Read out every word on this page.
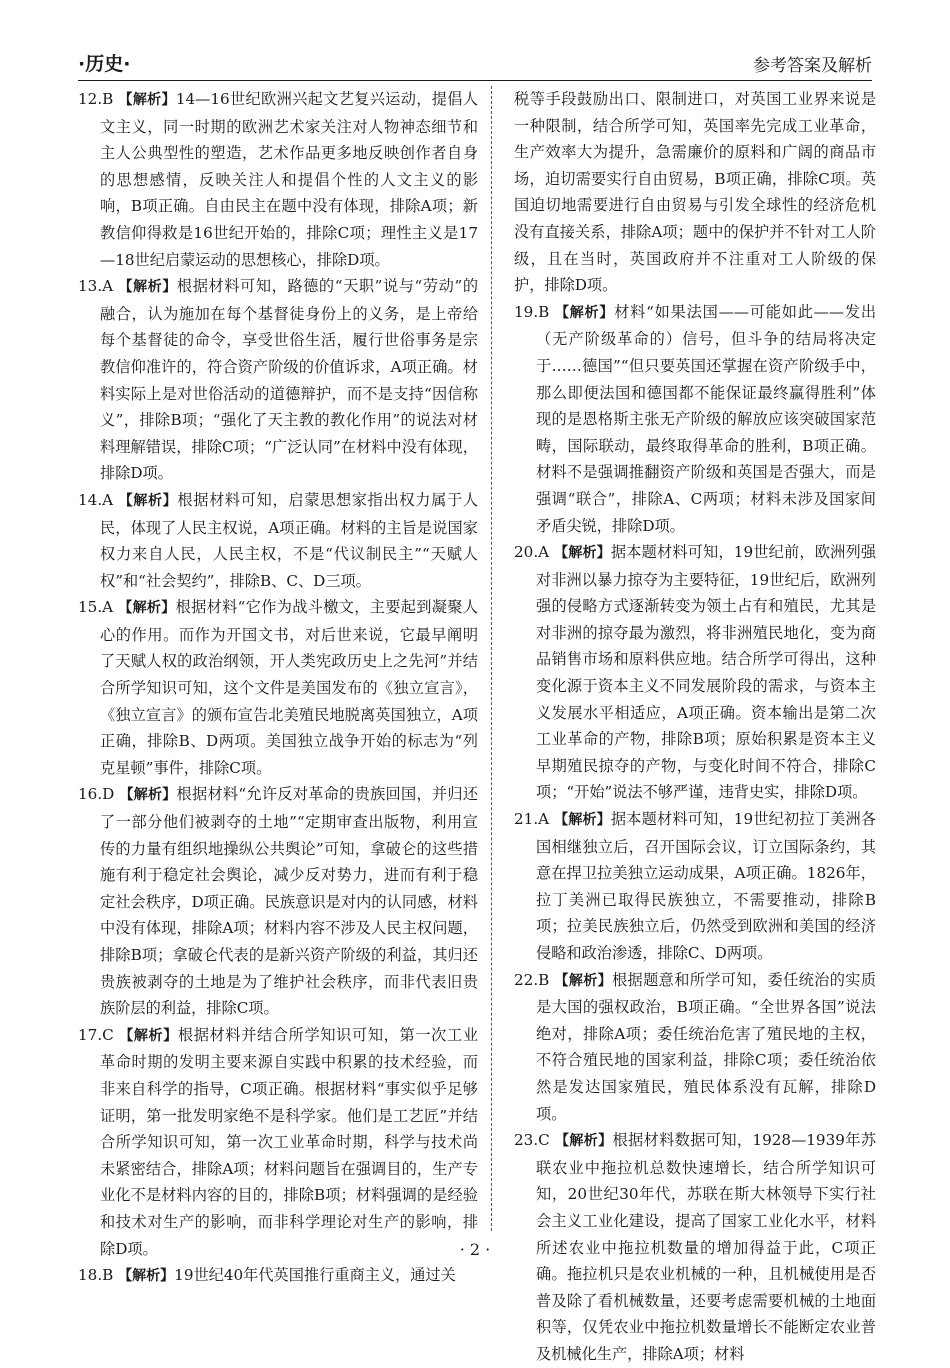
·历史·	参考答案及解析

12.B 【解析】14—16世纪欧洲兴起文艺复兴运动，提倡人文主义，同一时期的欧洲艺术家关注对人物神态细节和主人公典型性的塑造，艺术作品更多地反映创作者自身的思想感情，反映关注人和提倡个性的人文主义的影响，B项正确。自由民主在题中没有体现，排除A项；新教信仰得救是16世纪开始的，排除C项；理性主义是17—18世纪启蒙运动的思想核心，排除D项。

13.A 【解析】根据材料可知，路德的“天职”说与“劳动”的融合，认为施加在每个基督徒身份上的义务，是上帝给每个基督徒的命令，享受世俗生活，履行世俗事务是宗教信仰准许的，符合资产阶级的价值诉求，A项正确。材料实际上是对世俗活动的道德辩护，而不是支持“因信称义”，排除B项；“强化了天主教的教化作用”的说法对材料理解错误，排除C项；“广泛认同”在材料中没有体现，排除D项。

14.A 【解析】根据材料可知，启蒙思想家指出权力属于人民，体现了人民主权说，A项正确。材料的主旨是说国家权力来自人民，人民主权，不是“代议制民主”“天赋人权”和“社会契约”，排除B、C、D三项。

15.A 【解析】根据材料“它作为战斗檄文，主要起到凝聚人心的作用。而作为开国文书，对后世来说，它最早阐明了天赋人权的政治纲领，开人类宪政历史上之先河”并结合所学知识可知，这个文件是美国发布的《独立宣言》，《独立宣言》的颁布宣告北美殖民地脱离英国独立，A项正确，排除B、D两项。美国独立战争开始的标志为“列克星顿”事件，排除C项。

16.D 【解析】根据材料“允许反对革命的贵族回国，并归还了一部分他们被剥夺的土地”“定期审查出版物，利用宣传的力量有组织地操纵公共舆论”可知，拿破仑的这些措施有利于稳定社会舆论，减少反对势力，进而有利于稳定社会秩序，D项正确。民族意识是对内的认同感，材料中没有体现，排除A项；材料内容不涉及人民主权问题，排除B项；拿破仑代表的是新兴资产阶级的利益，其归还贵族被剥夺的土地是为了维护社会秩序，而非代表旧贵族阶层的利益，排除C项。

17.C 【解析】根据材料并结合所学知识可知，第一次工业革命时期的发明主要来源自实践中积累的技术经验，而非来自科学的指导，C项正确。根据材料“事实似乎足够证明，第一批发明家绝不是科学家。他们是工艺匠”并结合所学知识可知，第一次工业革命时期，科学与技术尚未紧密结合，排除A项；材料问题旨在强调目的，生产专业化不是材料内容的目的，排除B项；材料强调的是经验和技术对生产的影响，而非科学理论对生产的影响，排除D项。

18.B 【解析】19世纪40年代英国推行重商主义，通过关

税等手段鼓励出口、限制进口，对英国工业界来说是一种限制，结合所学可知，英国率先完成工业革命，生产效率大为提升，急需廉价的原料和广阔的商品市场，迫切需要实行自由贸易，B项正确，排除C项。英国迫切地需要进行自由贸易与引发全球性的经济危机没有直接关系，排除A项；题中的保护并不针对工人阶级，且在当时，英国政府并不注重对工人阶级的保护，排除D项。

19.B 【解析】材料“如果法国——可能如此——发出（无产阶级革命的）信号，但斗争的结局将决定于……德国”“但只要英国还掌握在资产阶级手中，那么即便法国和德国都不能保证最终赢得胜利”体现的是恩格斯主张无产阶级的解放应该突破国家范畴，国际联动，最终取得革命的胜利，B项正确。材料不是强调推翻资产阶级和英国是否强大，而是强调“联合”，排除A、C两项；材料未涉及国家间矛盾尖锐，排除D项。

20.A 【解析】据本题材料可知，19世纪前，欧洲列强对非洲以暴力掠夺为主要特征，19世纪后，欧洲列强的侵略方式逐渐转变为领土占有和殖民，尤其是对非洲的掠夺最为激烈，将非洲殖民地化，变为商品销售市场和原料供应地。结合所学可得出，这种变化源于资本主义不同发展阶段的需求，与资本主义发展水平相适应，A项正确。资本输出是第二次工业革命的产物，排除B项；原始积累是资本主义早期殖民掠夺的产物，与变化时间不符合，排除C项；“开始”说法不够严谨，违背史实，排除D项。

21.A 【解析】据本题材料可知，19世纪初拉丁美洲各国相继独立后，召开国际会议，订立国际条约，其意在捍卫拉美独立运动成果，A项正确。1826年，拉丁美洲已取得民族独立，不需要推动，排除B项；拉美民族独立后，仍然受到欧洲和美国的经济侵略和政治渗透，排除C、D两项。

22.B 【解析】根据题意和所学可知，委任统治的实质是大国的强权政治，B项正确。“全世界各国”说法绝对，排除A项；委任统治危害了殖民地的主权，不符合殖民地的国家利益，排除C项；委任统治依然是发达国家殖民，殖民体系没有瓦解，排除D项。

23.C 【解析】根据材料数据可知，1928—1939年苏联农业中拖拉机总数快速增长，结合所学知识可知，20世纪30年代，苏联在斯大林领导下实行社会主义工业化建设，提高了国家工业化水平，材料所述农业中拖拉机数量的增加得益于此，C项正确。拖拉机只是农业机械的一种，且机械使用是否普及除了看机械数量，还要考虑需要机械的土地面积等，仅凭农业中拖拉机数量增长不能断定农业普及机械化生产，排除A项；材料

· 2 ·
